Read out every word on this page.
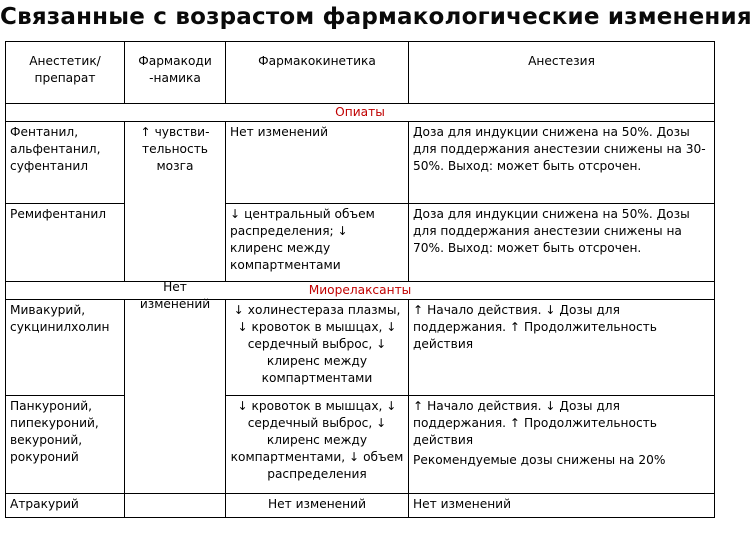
Связанные с возрастом фармакологические изменения
Анестетик/ препарат	Фармакоди -намика	Фармакокинетика	Анестезия
Опиаты			
Фентанил, альфентанил, суфентанил	↑ чувстви- тельность мозга	Нет изменений	Доза для индукции снижена на 50%. Дозы для поддержания анестезии снижены на 30-50%. Выход: может быть отсрочен.
Ремифентанил		↓ центральный объем распределения; ↓ клиренс между компартментами	Доза для индукции снижена на 50%. Дозы для поддержания анестезии снижены на 70%. Выход: может быть отсрочен.
Миорелаксанты			
Мивакурий, сукцинилхолин	Нет изменений	↓ холинестераза плазмы, ↓ кровоток в мышцах, ↓ сердечный выброс, ↓ клиренс между компартментами	↑ Начало действия. ↓ Дозы для поддержания. ↑ Продолжительность действия
Панкуроний, пипекуроний, векуроний, рокуроний		↓ кровоток в мышцах, ↓ сердечный выброс, ↓ клиренс между компартментами, ↓ объем распределения	↑ Начало действия. ↓ Дозы для поддержания. ↑ Продолжительность действия
Рекомендуемые дозы снижены на 20%

Атракурий		Нет изменений	Нет изменений
